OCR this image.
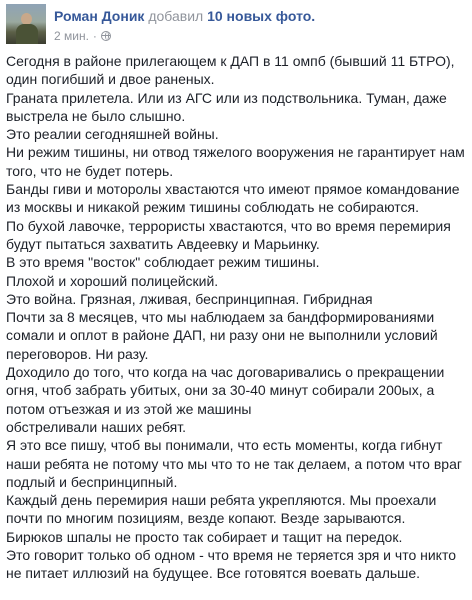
Роман Доник добавил 10 новых фото.
2 мин. ·
Сегодня в районе прилегающем к ДАП в 11 омпб (бывший 11 БТРО),
один погибший и двое раненых.
Граната прилетела. Или из АГС или из подствольника. Туман, даже
выстрела не было слышно.
Это реалии сегодняшней войны.
Ни режим тишины, ни отвод тяжелого вооружения не гарантирует нам
того, что не будет потерь.
Банды гиви и моторолы хвастаются что имеют прямое командование
из москвы и никакой режим тишины соблюдать не собираются.
По бухой лавочке, террористы хвастаются, что во время перемирия
будут пытаться захватить Авдеевку и Марьинку.
В это время "восток" соблюдает режим тишины.
Плохой и хороший полицейский.
Это война. Грязная, лживая, беспринципная. Гибридная
Почти за 8 месяцев, что мы наблюдаем за бандформированиями
сомали и оплот в районе ДАП, ни разу они не выполнили условий
переговоров. Ни разу.
Доходило до того, что когда на час договаривались о прекращении
огня, чтоб забрать убитых, они за 30-40 минут собирали 200ых, а
потом отъезжая и из этой же машины
обстреливали наших ребят.
Я это все пишу, чтоб вы понимали, что есть моменты, когда гибнут
наши ребята не потому что мы что то не так делаем, а потом что враг
подлый и беспринципный.
Каждый день перемирия наши ребята укрепляются. Мы проехали
почти по многим позициям, везде копают. Везде зарываются.
Бирюков шпалы не просто так собирает и тащит на передок.
Это говорит только об одном - что время не теряется зря и что никто
не питает иллюзий на будущее. Все готовятся воевать дальше.
